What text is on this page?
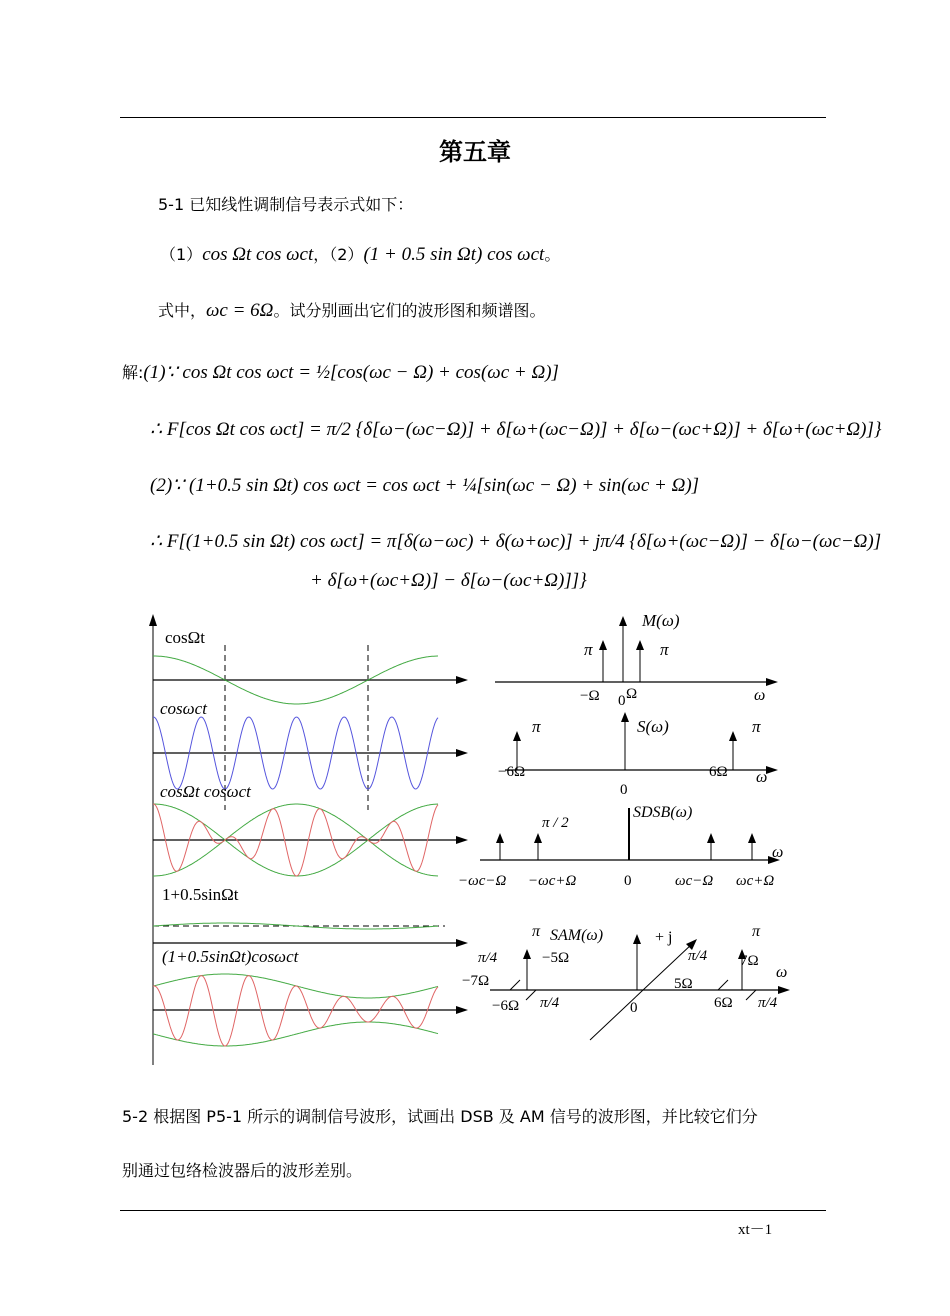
第五章
5-1 已知线性调制信号表示式如下：
（1）cos Ωt cos ωct，（2）(1 + 0.5 sin Ωt) cos ωct。
式中，ωc = 6Ω。试分别画出它们的波形图和频谱图。
解:(1)∵ cos Ωt cos ωct = ½[cos(ωc − Ω) + cos(ωc + Ω)]
∴ F[cos Ωt cos ωct] = π/2 {δ[ω−(ωc−Ω)] + δ[ω+(ωc−Ω)] + δ[ω−(ωc+Ω)] + δ[ω+(ωc+Ω)]}
(2)∵ (1+0.5 sin Ωt) cos ωct = cos ωct + ¼[sin(ωc − Ω) + sin(ωc + Ω)]
∴ F[(1+0.5 sin Ωt) cos ωct] = π[δ(ω−ωc) + δ(ω+ωc)] + jπ/4 {δ[ω+(ωc−Ω)] − δ[ω−(ωc−Ω)]
+ δ[ω+(ωc+Ω)] − δ[ω−(ωc+Ω)]]}
cosΩt
cosωct
cosΩt cosωct
1+0.5sinΩt
(1+0.5sinΩt)cosωct
M(ω)
π	π
−Ω 0 Ω	ω
S(ω)
π	π
−6Ω
0
6Ω ω
SDSB(ω)
π / 2
−ωc−Ω −ωc+Ω	0	ωc−Ω ωc+Ω
ω
SAM(ω)	+ j
π	π
π/4	π/4
π/4	π/4
−5Ω
−7Ω	5Ω
7Ω
−6Ω	6Ω
0
ω
5-2 根据图 P5-1 所示的调制信号波形，试画出 DSB 及 AM 信号的波形图，并比较它们分
别通过包络检波器后的波形差别。
xt－1
